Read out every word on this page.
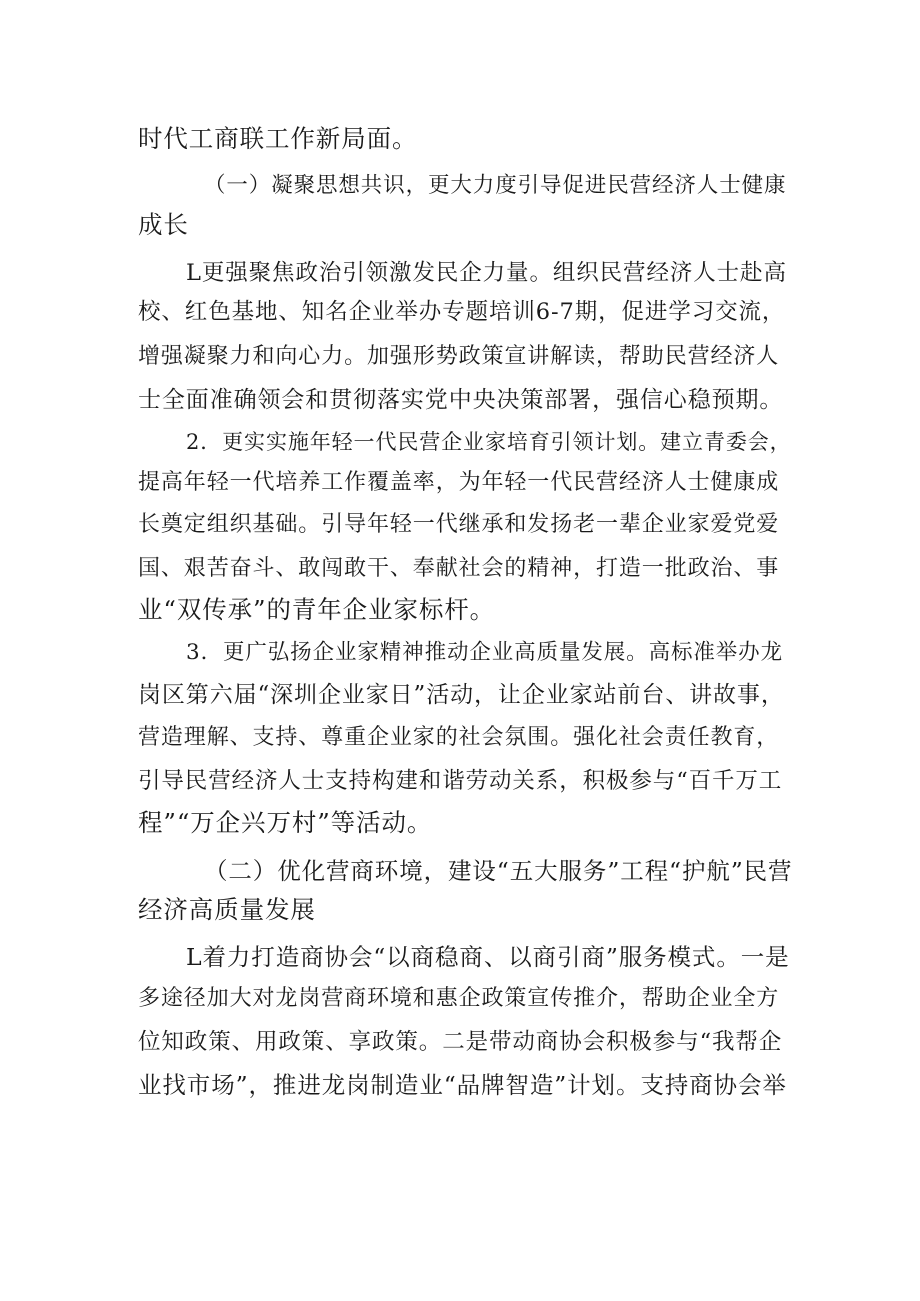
时代工商联工作新局面。
（一）凝聚思想共识，更大力度引导促进民营经济人士健康
成长
L更强聚焦政治引领激发民企力量。组织民营经济人士赴高
校、红色基地、知名企业举办专题培训6-7期，促进学习交流，
增强凝聚力和向心力。加强形势政策宣讲解读，帮助民营经济人
士全面准确领会和贯彻落实党中央决策部署，强信心稳预期。
2．更实实施年轻一代民营企业家培育引领计划。建立青委会，
提高年轻一代培养工作覆盖率，为年轻一代民营经济人士健康成
长奠定组织基础。引导年轻一代继承和发扬老一辈企业家爱党爱
国、艰苦奋斗、敢闯敢干、奉献社会的精神，打造一批政治、事
业“双传承”的青年企业家标杆。
3．更广弘扬企业家精神推动企业高质量发展。高标准举办龙
岗区第六届“深圳企业家日”活动，让企业家站前台、讲故事，
营造理解、支持、尊重企业家的社会氛围。强化社会责任教育，
引导民营经济人士支持构建和谐劳动关系，积极参与“百千万工
程”“万企兴万村”等活动。
（二）优化营商环境，建设“五大服务”工程“护航”民营
经济高质量发展
L着力打造商协会“以商稳商、以商引商”服务模式。一是
多途径加大对龙岗营商环境和惠企政策宣传推介，帮助企业全方
位知政策、用政策、享政策。二是带动商协会积极参与“我帮企
业找市场”，推进龙岗制造业“品牌智造”计划。支持商协会举
